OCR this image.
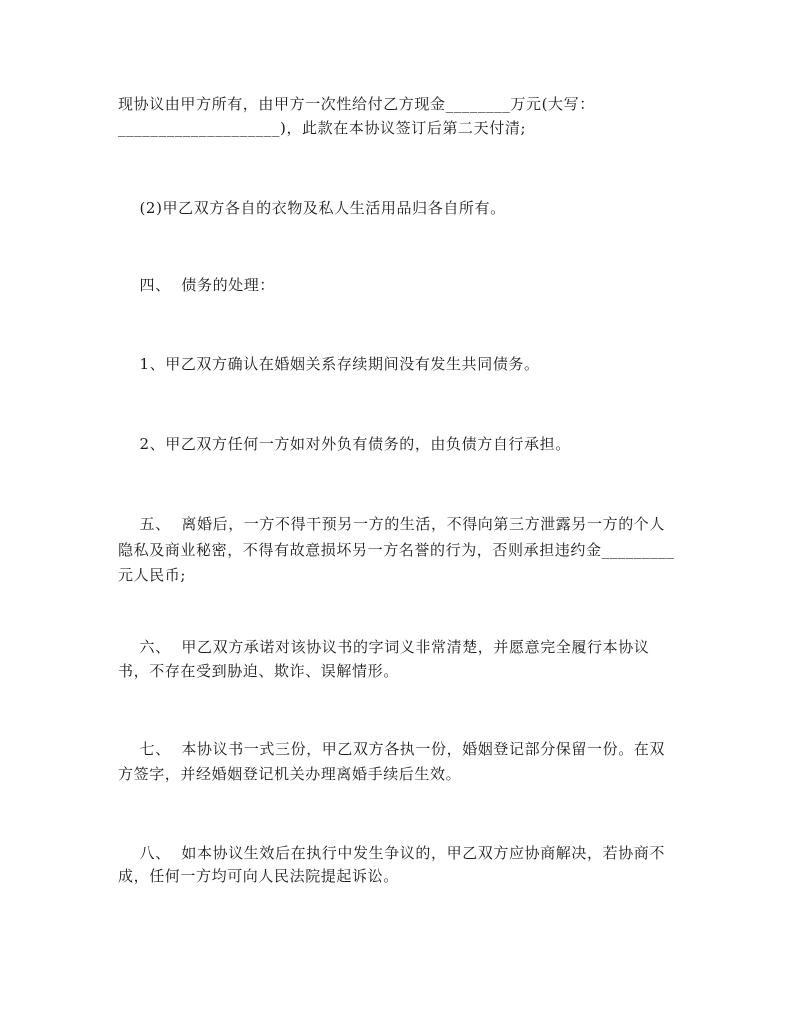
现协议由甲方所有，由甲方一次性给付乙方现金________万元(大写：
____________________)，此款在本协议签订后第二天付清;
(2)甲乙双方各自的衣物及私人生活用品归各自所有。
四、  债务的处理：
1、甲乙双方确认在婚姻关系存续期间没有发生共同债务。
2、甲乙双方任何一方如对外负有债务的，由负债方自行承担。
五、  离婚后，一方不得干预另一方的生活，不得向第三方泄露另一方的个人
隐私及商业秘密，不得有故意损坏另一方名誉的行为，否则承担违约金_________
元人民币;
六、  甲乙双方承诺对该协议书的字词义非常清楚，并愿意完全履行本协议
书，不存在受到胁迫、欺诈、误解情形。
七、  本协议书一式三份，甲乙双方各执一份，婚姻登记部分保留一份。在双
方签字，并经婚姻登记机关办理离婚手续后生效。
八、  如本协议生效后在执行中发生争议的，甲乙双方应协商解决，若协商不
成，任何一方均可向人民法院提起诉讼。
